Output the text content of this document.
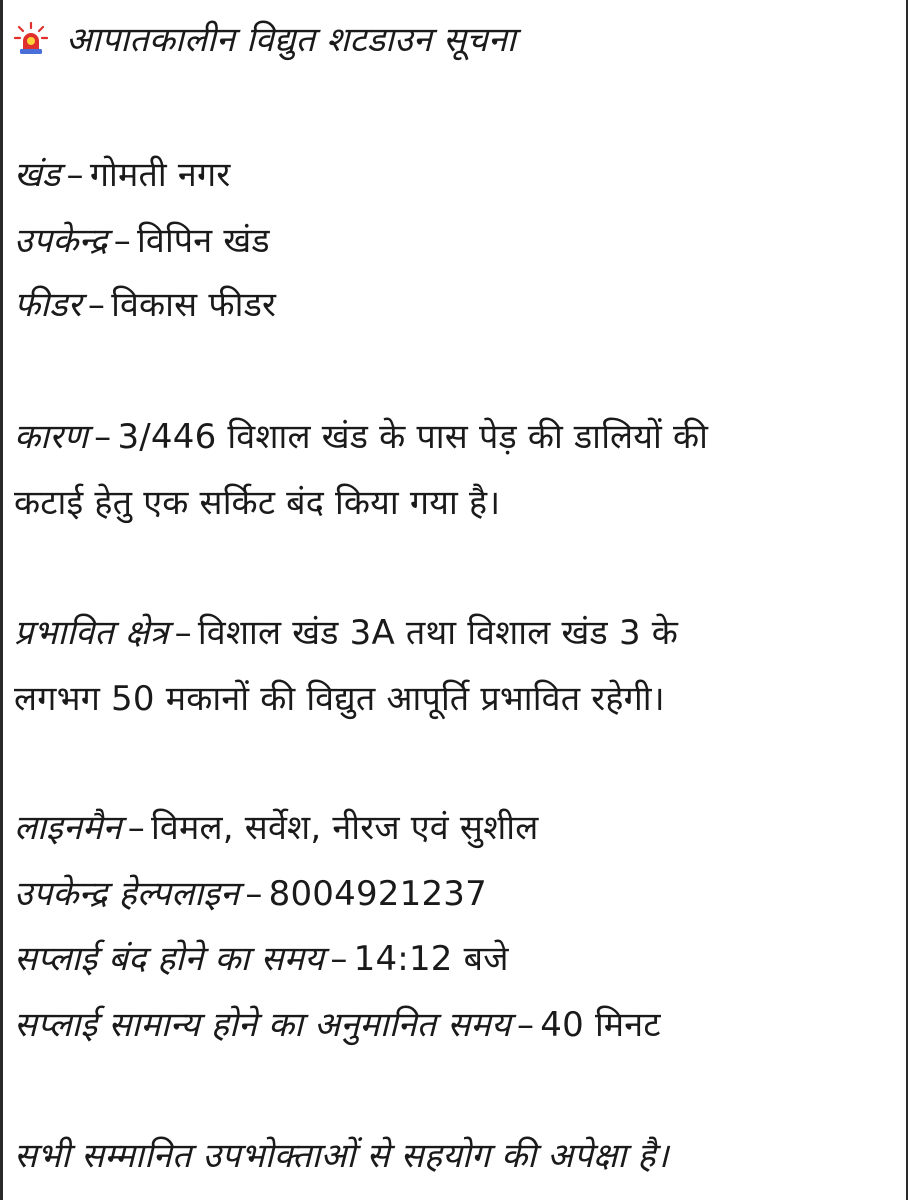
आपातकालीन विद्युत शटडाउन सूचना
खंड – गोमती नगर
उपकेन्द्र – विपिन खंड
फीडर – विकास फीडर
कारण – 3/446 विशाल खंड के पास पेड़ की डालियों की
कटाई हेतु एक सर्किट बंद किया गया है।
प्रभावित क्षेत्र – विशाल खंड 3A तथा विशाल खंड 3 के
लगभग 50 मकानों की विद्युत आपूर्ति प्रभावित रहेगी।
लाइनमैन – विमल, सर्वेश, नीरज एवं सुशील
उपकेन्द्र हेल्पलाइन – 8004921237
सप्लाई बंद होने का समय – 14:12 बजे
सप्लाई सामान्य होने का अनुमानित समय – 40 मिनट
सभी सम्मानित उपभोक्ताओं से सहयोग की अपेक्षा है।
